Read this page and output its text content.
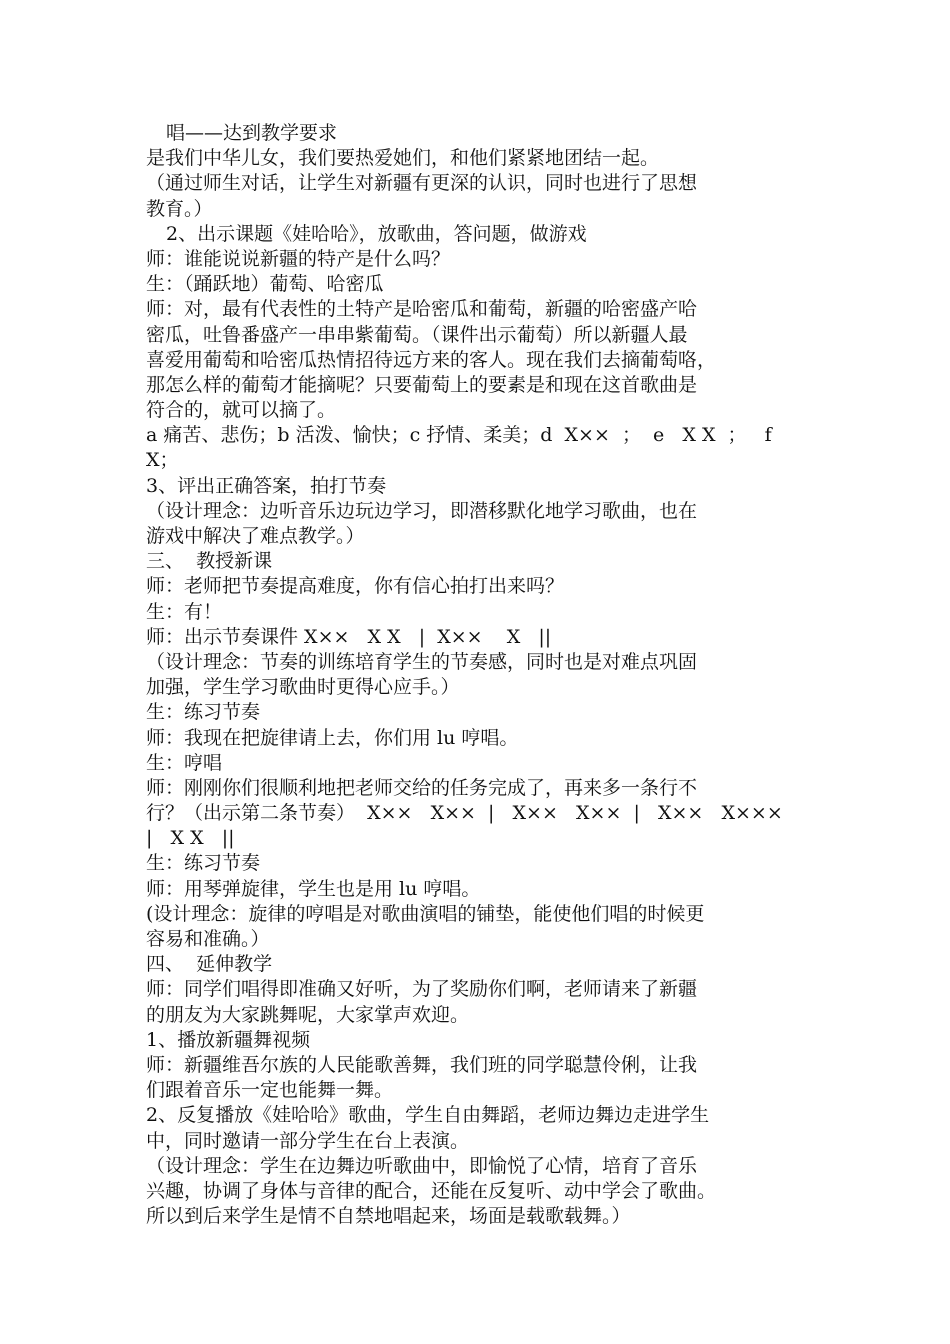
唱——达到教学要求
是我们中华儿女，我们要热爱她们，和他们紧紧地团结一起。
（通过师生对话，让学生对新疆有更深的认识，同时也进行了思想
教育。）
2、出示课题《娃哈哈》，放歌曲，答问题，做游戏
师：谁能说说新疆的特产是什么吗？
生：（踊跃地）葡萄、哈密瓜
师：对，最有代表性的土特产是哈密瓜和葡萄，新疆的哈密盛产哈
密瓜，吐鲁番盛产一串串紫葡萄。（课件出示葡萄）所以新疆人最
喜爱用葡萄和哈密瓜热情招待远方来的客人。现在我们去摘葡萄咯，
那怎么样的葡萄才能摘呢？只要葡萄上的要素是和现在这首歌曲是
符合的，就可以摘了。
a 痛苦、悲伤；b 活泼、愉快；c 抒情、柔美；d  X××  ；  e   X X  ；   f
X；
3、评出正确答案，拍打节奏
（设计理念：边听音乐边玩边学习，即潜移默化地学习歌曲，也在
游戏中解决了难点教学。）
三、  教授新课
师：老师把节奏提高难度，你有信心拍打出来吗？
生：有！
师：出示节奏课件 X××   X X   |  X××    X   ||
（设计理念：节奏的训练培育学生的节奏感，同时也是对难点巩固
加强，学生学习歌曲时更得心应手。）
生：练习节奏
师：我现在把旋律请上去，你们用 lu 哼唱。
生：哼唱
师：刚刚你们很顺利地把老师交给的任务完成了，再来多一条行不
行？（出示第二条节奏）  X××   X××  |   X××   X××  |   X××   X×××
|   X X   ||
生：练习节奏
师：用琴弹旋律，学生也是用 lu 哼唱。
(设计理念：旋律的哼唱是对歌曲演唱的铺垫，能使他们唱的时候更
容易和准确。）
四、  延伸教学
师：同学们唱得即准确又好听，为了奖励你们啊，老师请来了新疆
的朋友为大家跳舞呢，大家掌声欢迎。
1、播放新疆舞视频
师：新疆维吾尔族的人民能歌善舞，我们班的同学聪慧伶俐，让我
们跟着音乐一定也能舞一舞。
2、反复播放《娃哈哈》歌曲，学生自由舞蹈，老师边舞边走进学生
中，同时邀请一部分学生在台上表演。
（设计理念：学生在边舞边听歌曲中，即愉悦了心情，培育了音乐
兴趣，协调了身体与音律的配合，还能在反复听、动中学会了歌曲。
所以到后来学生是情不自禁地唱起来，场面是载歌载舞。）
